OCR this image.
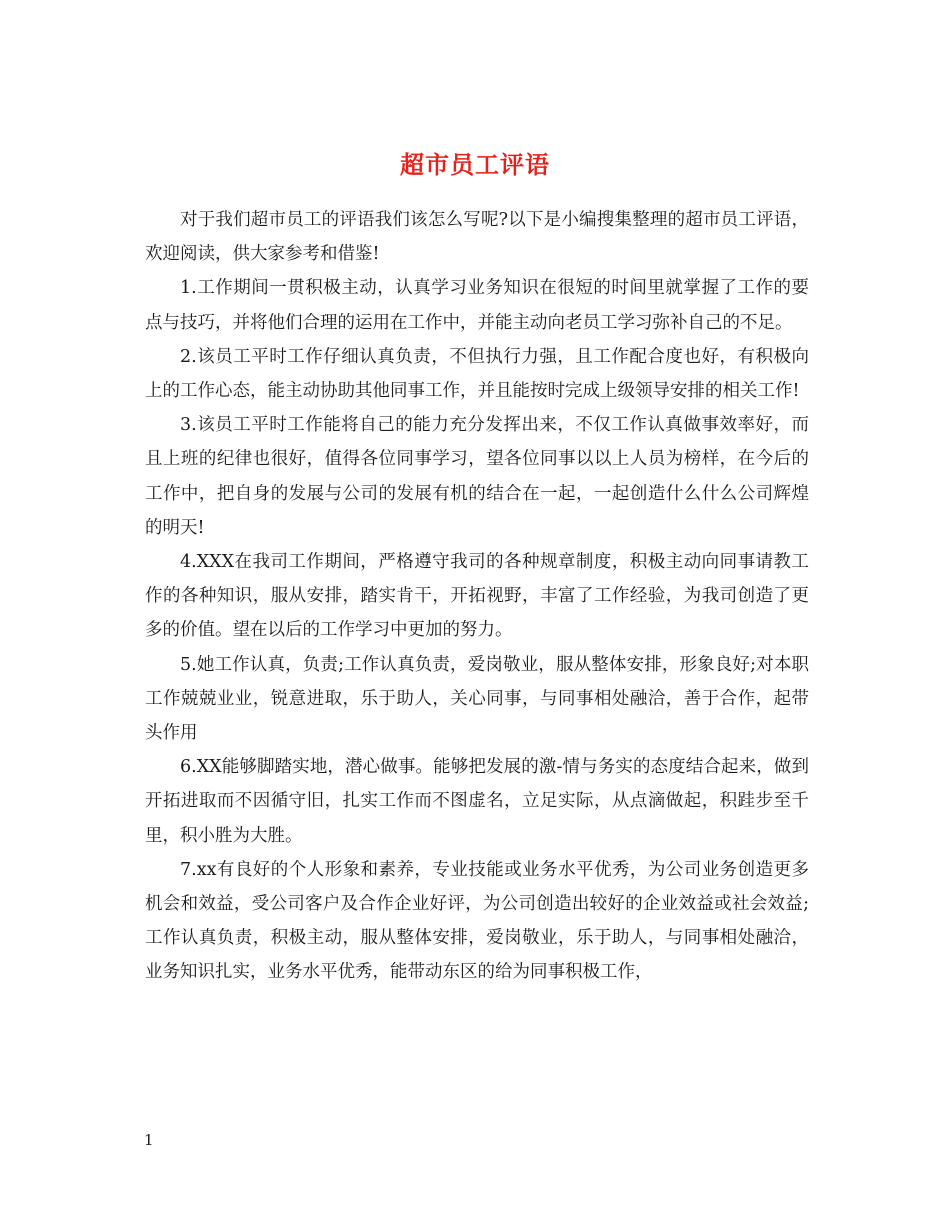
超市员工评语

对于我们超市员工的评语我们该怎么写呢?以下是小编搜集整理的超市员工评语，欢迎阅读，供大家参考和借鉴!

1.工作期间一贯积极主动，认真学习业务知识在很短的时间里就掌握了工作的要点与技巧，并将他们合理的运用在工作中，并能主动向老员工学习弥补自己的不足。

2.该员工平时工作仔细认真负责，不但执行力强，且工作配合度也好，有积极向上的工作心态，能主动协助其他同事工作，并且能按时完成上级领导安排的相关工作!

3.该员工平时工作能将自己的能力充分发挥出来，不仅工作认真做事效率好，而且上班的纪律也很好，值得各位同事学习，望各位同事以以上人员为榜样，在今后的工作中，把自身的发展与公司的发展有机的结合在一起，一起创造什么什么公司辉煌的明天!

4.XXX在我司工作期间，严格遵守我司的各种规章制度，积极主动向同事请教工作的各种知识，服从安排，踏实肯干，开拓视野，丰富了工作经验，为我司创造了更多的价值。望在以后的工作学习中更加的努力。

5.她工作认真，负责;工作认真负责，爱岗敬业，服从整体安排，形象良好;对本职工作兢兢业业，锐意进取，乐于助人，关心同事，与同事相处融洽，善于合作，起带头作用

6.XX能够脚踏实地，潜心做事。能够把发展的激-情与务实的态度结合起来，做到开拓进取而不因循守旧，扎实工作而不图虚名，立足实际，从点滴做起，积跬步至千里，积小胜为大胜。

7.xx有良好的个人形象和素养，专业技能或业务水平优秀，为公司业务创造更多机会和效益，受公司客户及合作企业好评，为公司创造出较好的企业效益或社会效益;工作认真负责，积极主动，服从整体安排，爱岗敬业，乐于助人，与同事相处融洽，业务知识扎实，业务水平优秀，能带动东区的给为同事积极工作，

1
